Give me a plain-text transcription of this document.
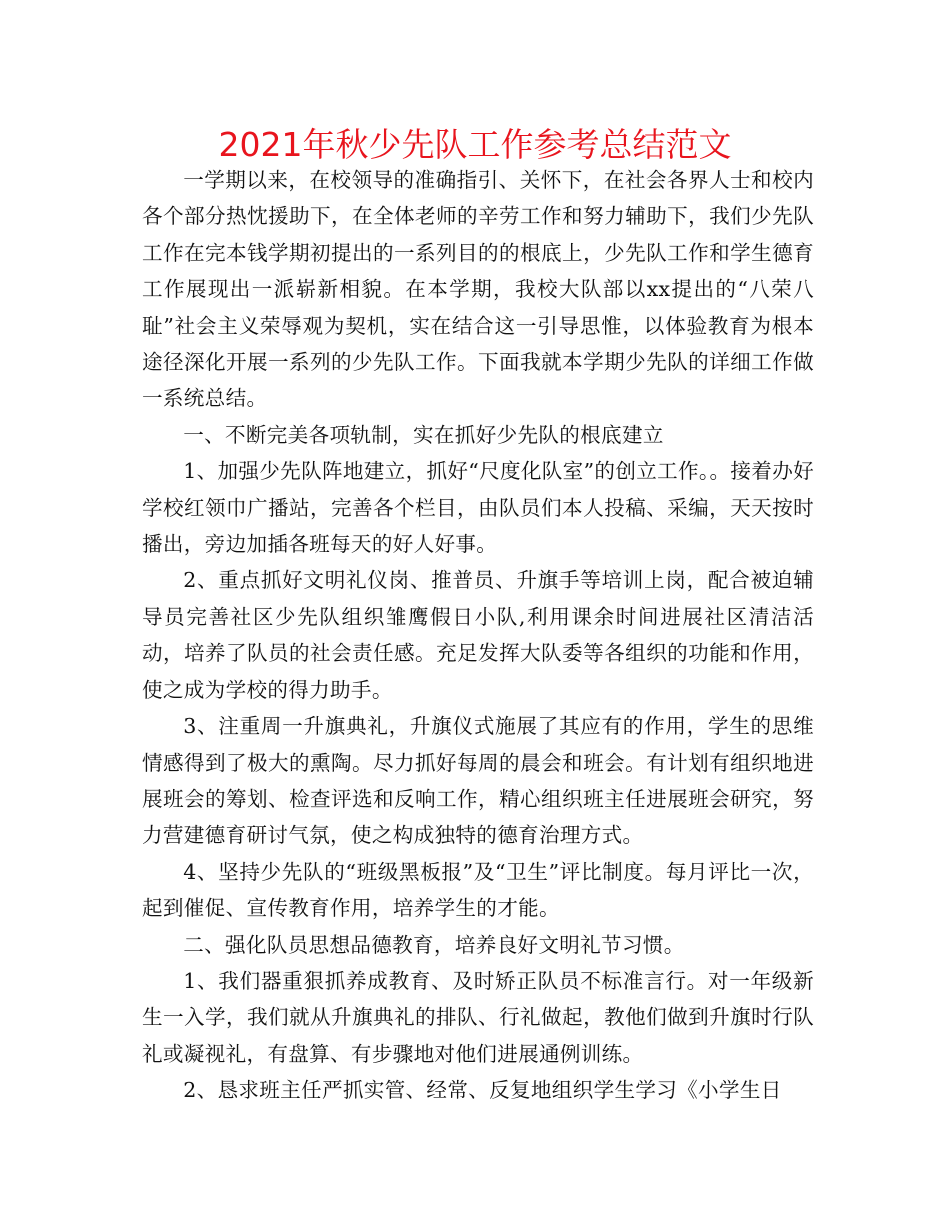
2021年秋少先队工作参考总结范文

一学期以来，在校领导的准确指引、关怀下，在社会各界人士和校内各个部分热忱援助下，在全体老师的辛劳工作和努力辅助下，我们少先队工作在完本钱学期初提出的一系列目的的根底上，少先队工作和学生德育工作展现出一派崭新相貌。在本学期，我校大队部以xx提出的“八荣八耻”社会主义荣辱观为契机，实在结合这一引导思惟，以体验教育为根本途径深化开展一系列的少先队工作。下面我就本学期少先队的详细工作做一系统总结。

一、不断完美各项轨制，实在抓好少先队的根底建立

1、加强少先队阵地建立，抓好“尺度化队室”的创立工作。。接着办好学校红领巾广播站，完善各个栏目，由队员们本人投稿、采编，天天按时播出，旁边加插各班每天的好人好事。

2、重点抓好文明礼仪岗、推普员、升旗手等培训上岗，配合被迫辅导员完善社区少先队组织雏鹰假日小队,利用课余时间进展社区清洁活动，培养了队员的社会责任感。充足发挥大队委等各组织的功能和作用，使之成为学校的得力助手。

3、注重周一升旗典礼，升旗仪式施展了其应有的作用，学生的思维情感得到了极大的熏陶。尽力抓好每周的晨会和班会。有计划有组织地进展班会的筹划、检查评选和反响工作，精心组织班主任进展班会研究，努力营建德育研讨气氛，使之构成独特的德育治理方式。

4、坚持少先队的“班级黑板报”及“卫生”评比制度。每月评比一次，起到催促、宣传教育作用，培养学生的才能。

二、强化队员思想品德教育，培养良好文明礼节习惯。

1、我们器重狠抓养成教育、及时矫正队员不标准言行。对一年级新生一入学，我们就从升旗典礼的排队、行礼做起，教他们做到升旗时行队礼或凝视礼，有盘算、有步骤地对他们进展通例训练。

2、恳求班主任严抓实管、经常、反复地组织学生学习《小学生日
